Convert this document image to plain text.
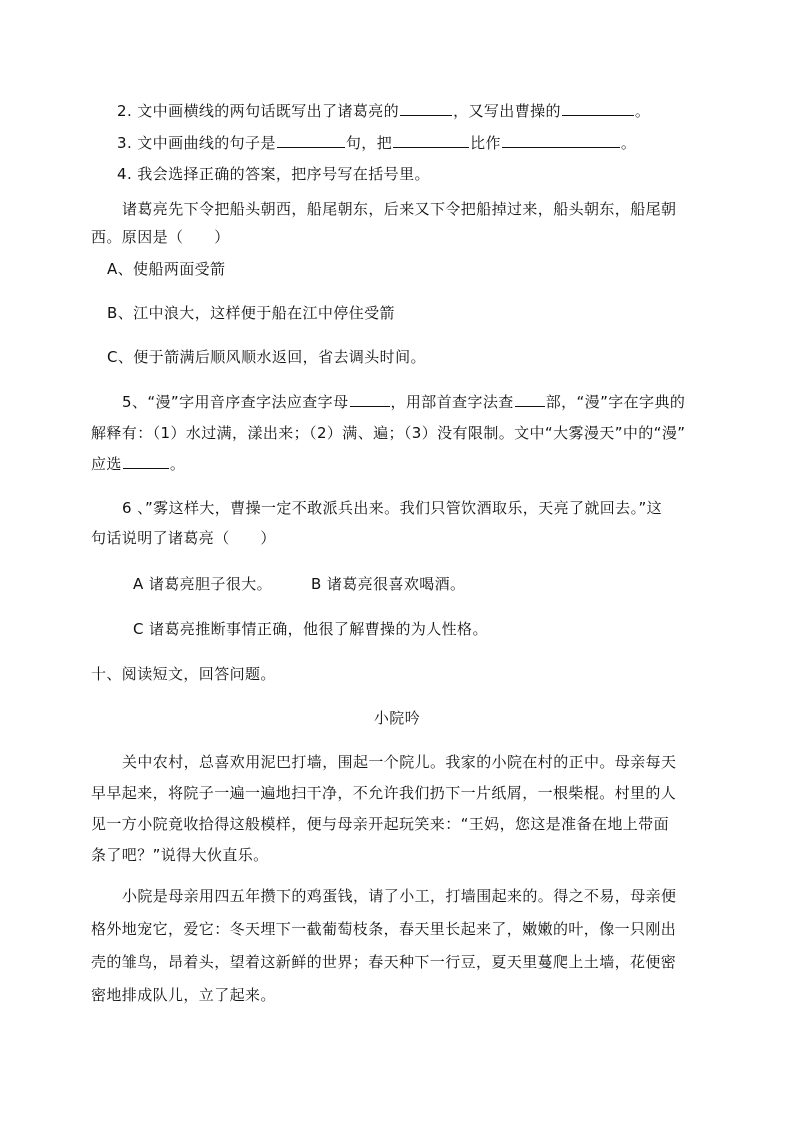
2. 文中画横线的两句话既写出了诸葛亮的	，又写出曹操的	。
3. 文中画曲线的句子是	句，把	比作	。
4. 我会选择正确的答案，把序号写在括号里。
诸葛亮先下令把船头朝西，船尾朝东，后来又下令把船掉过来，船头朝东，船尾朝
西。原因是（　　）
A、使船两面受箭
B、江中浪大，这样便于船在江中停住受箭
C、便于箭满后顺风顺水返回，省去调头时间。
5、“漫”字用音序查字法应查字母	，用部首查字法查 部，“漫”字在字典的
解释有：（1）水过满，漾出来；（2）满、遍；（3）没有限制。文中“大雾漫天”中的“漫”
应选	。
6 、”雾这样大，曹操一定不敢派兵出来。我们只管饮酒取乐，天亮了就回去。”这
句话说明了诸葛亮（　　）
A 诸葛亮胆子很大。	B 诸葛亮很喜欢喝酒。
C 诸葛亮推断事情正确，他很了解曹操的为人性格。
十、阅读短文，回答问题。
小院吟
关中农村，总喜欢用泥巴打墙，围起一个院儿。我家的小院在村的正中。母亲每天
早早起来，将院子一遍一遍地扫干净，不允许我们扔下一片纸屑，一根柴棍。村里的人
见一方小院竟收拾得这般模样，便与母亲开起玩笑来：“王妈，您这是准备在地上带面
条了吧？”说得大伙直乐。
小院是母亲用四五年攒下的鸡蛋钱，请了小工，打墙围起来的。得之不易，母亲便
格外地宠它，爱它：冬天埋下一截葡萄枝条，春天里长起来了，嫩嫩的叶，像一只刚出
壳的雏鸟，昂着头，望着这新鲜的世界；春天种下一行豆，夏天里蔓爬上土墙，花便密
密地排成队儿，立了起来。
